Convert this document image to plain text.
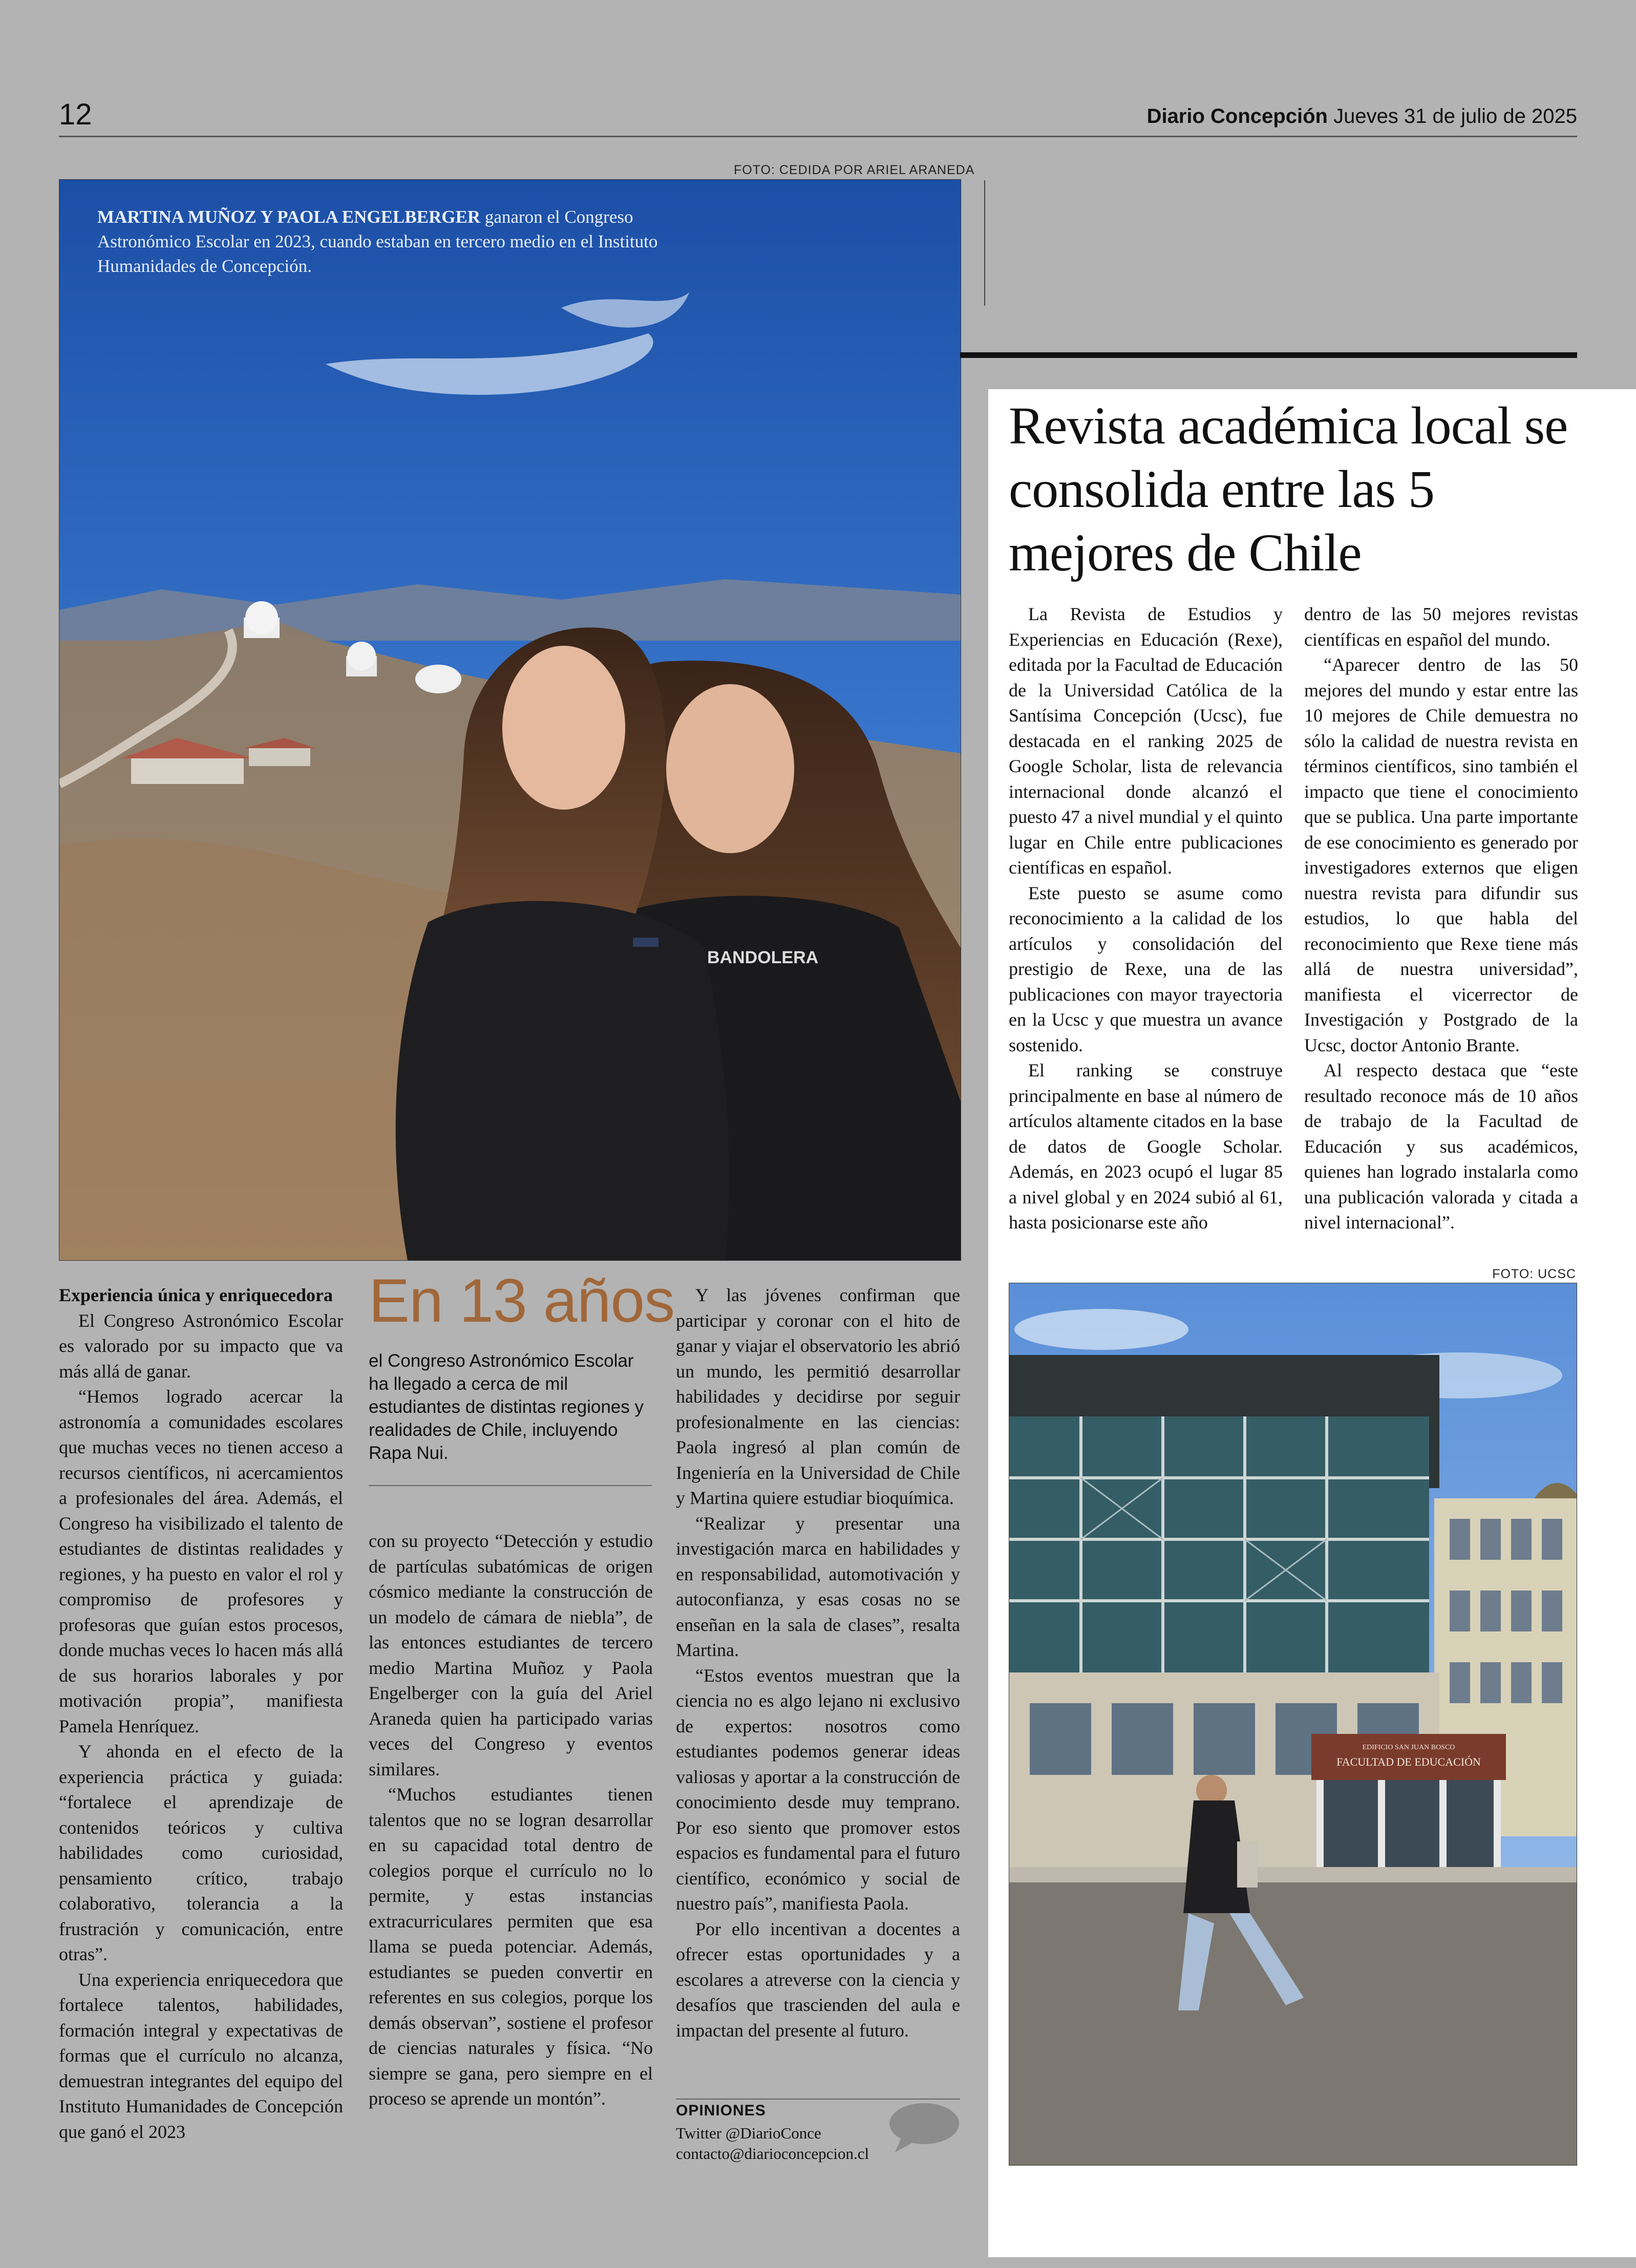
12	Diario Concepción Jueves 31 de julio de 2025
FOTO: CEDIDA POR ARIEL ARANEDA
BANDOLERA
MARTINA MUÑOZ Y PAOLA ENGELBERGER ganaron el Congreso Astronómico Escolar en 2023, cuando estaban en tercero medio en el Instituto Humanidades de Concepción.
Revista académica local se consolida entre las 5 mejores de Chile

La Revista de Estudios y Experiencias en Educación (Rexe), editada por la Facultad de Educación de la Universidad Católica de la Santísima Concepción (Ucsc), fue destacada en el ranking 2025 de Google Scholar, lista de relevancia internacional donde alcanzó el puesto 47 a nivel mundial y el quinto lugar en Chile entre publicaciones científicas en español.

Este puesto se asume como reconocimiento a la calidad de los artículos y consolidación del prestigio de Rexe, una de las publicaciones con mayor trayectoria en la Ucsc y que muestra un avance sostenido.

El ranking se construye principalmente en base al número de artículos altamente citados en la base de datos de Google Scholar. Además, en 2023 ocupó el lugar 85 a nivel global y en 2024 subió al 61, hasta posicionarse este año

dentro de las 50 mejores revistas científicas en español del mundo.

“Aparecer dentro de las 50 mejores del mundo y estar entre las 10 mejores de Chile demuestra no sólo la calidad de nuestra revista en términos científicos, sino también el impacto que tiene el conocimiento que se publica. Una parte importante de ese conocimiento es generado por investigadores externos que eligen nuestra revista para difundir sus estudios, lo que habla del reconocimiento que Rexe tiene más allá de nuestra universidad”, manifiesta el vicerrector de Investigación y Postgrado de la Ucsc, doctor Antonio Brante.

Al respecto destaca que “este resultado reconoce más de 10 años de trabajo de la Facultad de Educación y sus académicos, quienes han logrado instalarla como una publicación valorada y citada a nivel internacional”.

FOTO: UCSC
EDIFICIO SAN JUAN BOSCO
FACULTAD DE EDUCACIÓN

Experiencia única y enriquecedora

El Congreso Astronómico Escolar es valorado por su impacto que va más allá de ganar.

“Hemos logrado acercar la astronomía a comunidades escolares que muchas veces no tienen acceso a recursos científicos, ni acercamientos a profesionales del área. Además, el Congreso ha visibilizado el talento de estudiantes de distintas realidades y regiones, y ha puesto en valor el rol y compromiso de profesores y profesoras que guían estos procesos, donde muchas veces lo hacen más allá de sus horarios laborales y por motivación propia”, manifiesta Pamela Henríquez.

Y ahonda en el efecto de la experiencia práctica y guiada: “fortalece el aprendizaje de contenidos teóricos y cultiva habilidades como curiosidad, pensamiento crítico, trabajo colaborativo, tolerancia a la frustración y comunicación, entre otras”.

Una experiencia enriquecedora que fortalece talentos, habilidades, formación integral y expectativas de formas que el currículo no alcanza, demuestran integrantes del equipo del Instituto Humanidades de Concepción que ganó el 2023

En 13 años
el Congreso Astronómico Escolar ha llegado a cerca de mil estudiantes de distintas regiones y realidades de Chile, incluyendo Rapa Nui.

con su proyecto “Detección y estudio de partículas subatómicas de origen cósmico mediante la construcción de un modelo de cámara de niebla”, de las entonces estudiantes de tercero medio Martina Muñoz y Paola Engelberger con la guía del Ariel Araneda quien ha participado varias veces del Congreso y eventos similares.

“Muchos estudiantes tienen talentos que no se logran desarrollar en su capacidad total dentro de colegios porque el currículo no lo permite, y estas instancias extracurriculares permiten que esa llama se pueda potenciar. Además, estudiantes se pueden convertir en referentes en sus colegios, porque los demás observan”, sostiene el profesor de ciencias naturales y física. “No siempre se gana, pero siempre en el proceso se aprende un montón”.

Y las jóvenes confirman que participar y coronar con el hito de ganar y viajar el observatorio les abrió un mundo, les permitió desarrollar habilidades y decidirse por seguir profesionalmente en las ciencias: Paola ingresó al plan común de Ingeniería en la Universidad de Chile y Martina quiere estudiar bioquímica.

“Realizar y presentar una investigación marca en habilidades y en responsabilidad, automotivación y autoconfianza, y esas cosas no se enseñan en la sala de clases”, resalta Martina.

“Estos eventos muestran que la ciencia no es algo lejano ni exclusivo de expertos: nosotros como estudiantes podemos generar ideas valiosas y aportar a la construcción de conocimiento desde muy temprano. Por eso siento que promover estos espacios es fundamental para el futuro científico, económico y social de nuestro país”, manifiesta Paola.

Por ello incentivan a docentes a ofrecer estas oportunidades y a escolares a atreverse con la ciencia y desafíos que trascienden del aula e impactan del presente al futuro.

OPINIONES
Twitter @DiarioConce
contacto@diarioconcepcion.cl
